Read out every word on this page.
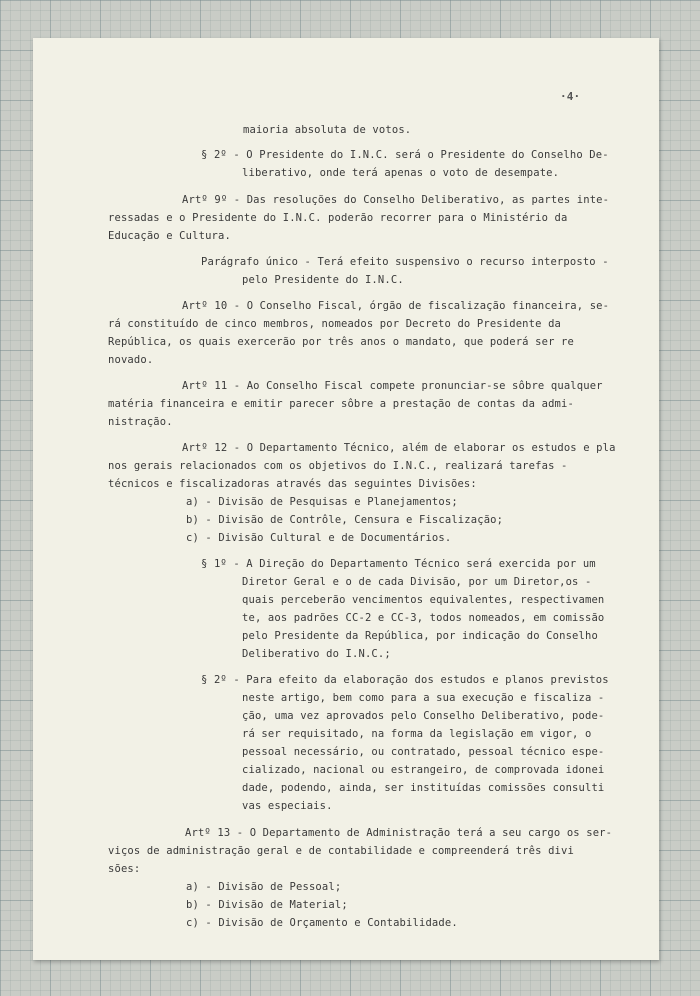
·4·
maioria absoluta de votos.
§ 2º - O Presidente do I.N.C. será o Presidente do Conselho De-
liberativo, onde terá apenas o voto de desempate.
Artº 9º - Das resoluções do Conselho Deliberativo, as partes inte-
ressadas e o Presidente do I.N.C. poderão recorrer para o Ministério da
Educação e Cultura.
Parágrafo único - Terá efeito suspensivo o recurso interposto -
pelo Presidente do I.N.C.
Artº 10 - O Conselho Fiscal, órgão de fiscalização financeira, se-
rá constituído de cinco membros, nomeados por Decreto do Presidente da
República, os quais exercerão por três anos o mandato, que poderá ser re
novado.
Artº 11 - Ao Conselho Fiscal compete pronunciar-se sôbre qualquer
matéria financeira e emitir parecer sôbre a prestação de contas da admi-
nistração.
Artº 12 - O Departamento Técnico, além de elaborar os estudos e pla
nos gerais relacionados com os objetivos do I.N.C., realizará tarefas -
técnicos e fiscalizadoras através das seguintes Divisões:
a) - Divisão de Pesquisas e Planejamentos;
b) - Divisão de Contrôle, Censura e Fiscalização;
c) - Divisão Cultural e de Documentários.
§ 1º - A Direção do Departamento Técnico será exercida por um
Diretor Geral e o de cada Divisão, por um Diretor,os -
quais perceberão vencimentos equivalentes, respectivamen
te, aos padrões CC-2 e CC-3, todos nomeados, em comissão
pelo Presidente da República, por indicação do Conselho
Deliberativo do I.N.C.;
§ 2º - Para efeito da elaboração dos estudos e planos previstos
neste artigo, bem como para a sua execução e fiscaliza -
ção, uma vez aprovados pelo Conselho Deliberativo, pode-
rá ser requisitado, na forma da legislação em vigor, o
pessoal necessário, ou contratado, pessoal técnico espe-
cializado, nacional ou estrangeiro, de comprovada idonei
dade, podendo, ainda, ser instituídas comissões consulti
vas especiais.
Artº 13 - O Departamento de Administração terá a seu cargo os ser-
viços de administração geral e de contabilidade e compreenderá três divi
sões:
a) - Divisão de Pessoal;
b) - Divisão de Material;
c) - Divisão de Orçamento e Contabilidade.
